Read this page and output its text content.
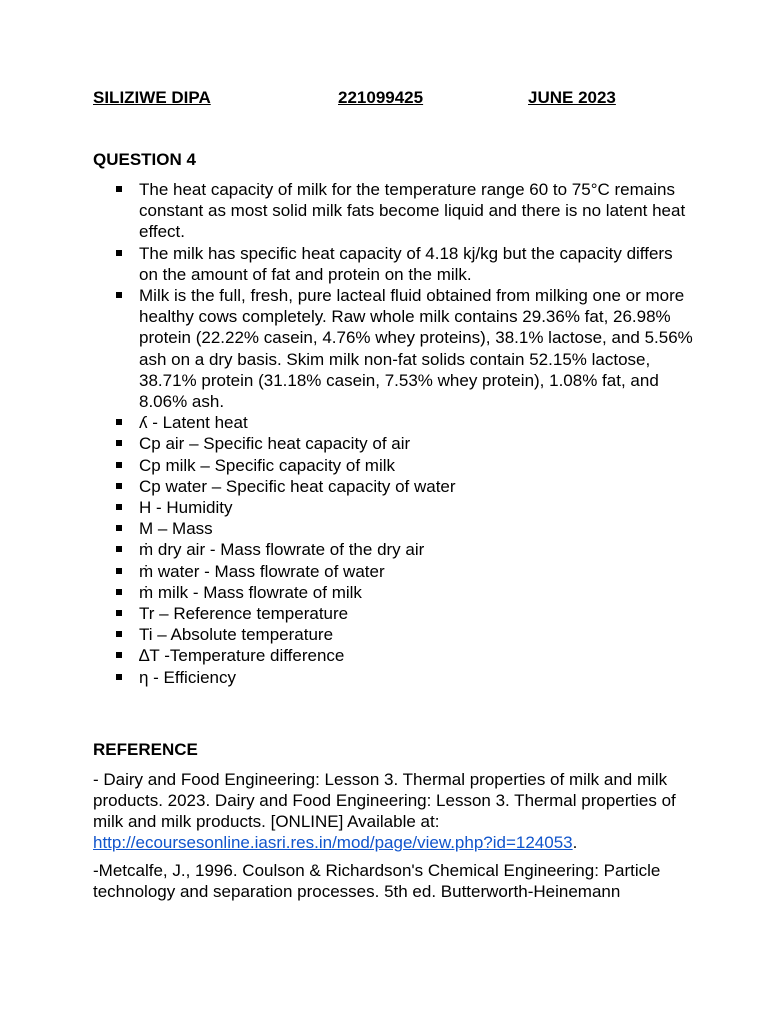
SILIZIWE DIPA	221099425	JUNE 2023
QUESTION 4
The heat capacity of milk for the temperature range 60 to 75°C remains constant as most solid milk fats become liquid and there is no latent heat effect.
The milk has specific heat capacity of 4.18 kj/kg but the capacity differs on the amount of fat and protein on the milk.
Milk is the full, fresh, pure lacteal fluid obtained from milking one or more healthy cows completely. Raw whole milk contains 29.36% fat, 26.98% protein (22.22% casein, 4.76% whey proteins), 38.1% lactose, and 5.56% ash on a dry basis. Skim milk non-fat solids contain 52.15% lactose, 38.71% protein (31.18% casein, 7.53% whey protein), 1.08% fat, and 8.06% ash.
ʎ - Latent heat
Cp air – Specific heat capacity of air
Cp milk – Specific capacity of milk
Cp water – Specific heat capacity of water
H - Humidity
M – Mass
ṁ dry air - Mass flowrate of the dry air
ṁ water - Mass flowrate of water
ṁ milk - Mass flowrate of milk
Tr – Reference temperature
Ti – Absolute temperature
∆T -Temperature difference
ƞ - Efficiency
REFERENCE
- Dairy and Food Engineering: Lesson 3. Thermal properties of milk and milk products. 2023. Dairy and Food Engineering: Lesson 3. Thermal properties of milk and milk products. [ONLINE] Available at: http://ecoursesonline.iasri.res.in/mod/page/view.php?id=124053.
-Metcalfe, J., 1996. Coulson & Richardson's Chemical Engineering: Particle technology and separation processes. 5th ed. Butterworth-Heinemann
